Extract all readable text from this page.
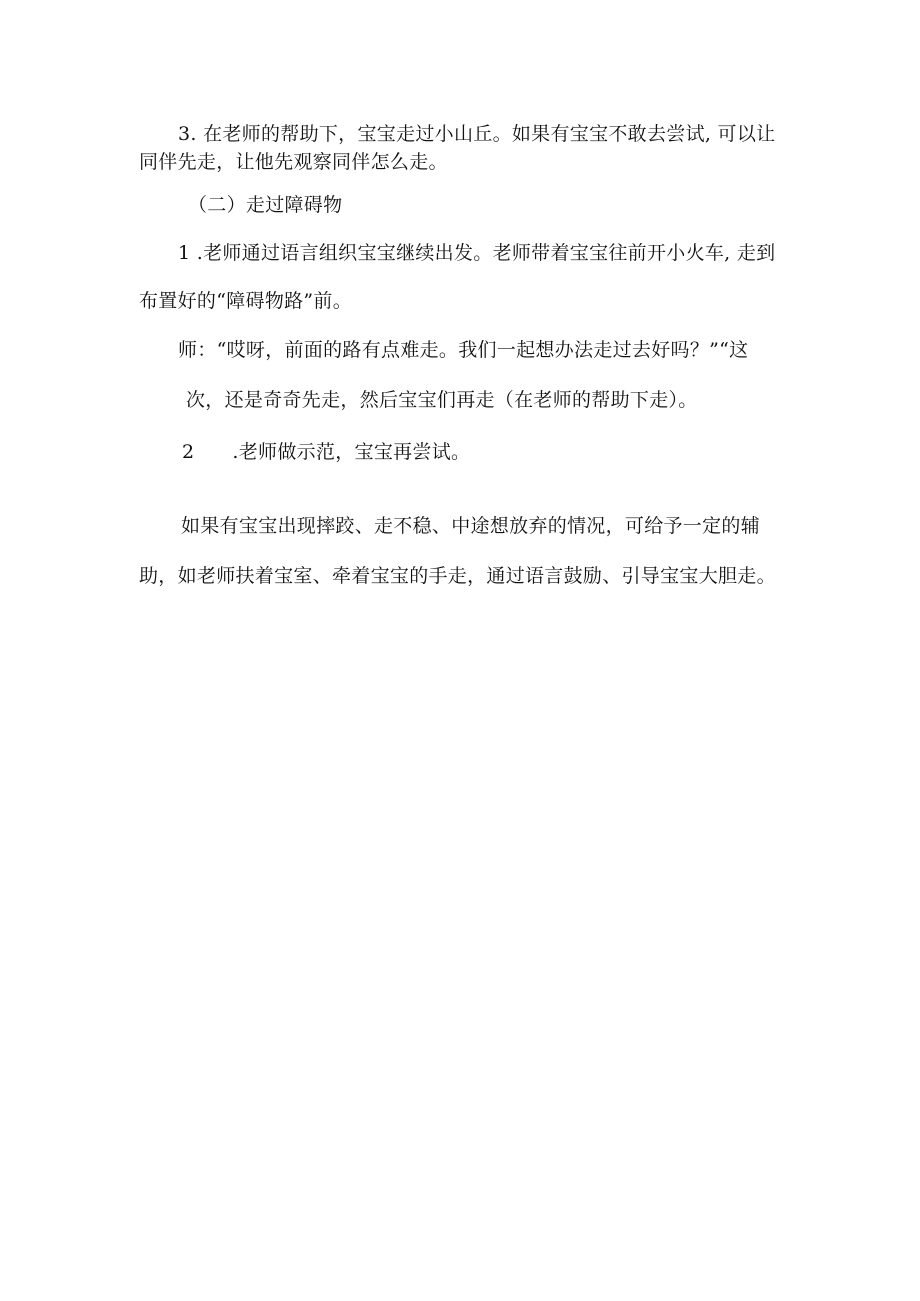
3. 在老师的帮助下，宝宝走过小山丘。如果有宝宝不敢去尝试, 可以让
同伴先走，让他先观察同伴怎么走。
（二）走过障碍物
1 .老师通过语言组织宝宝继续出发。老师带着宝宝往前开小火车, 走到
布置好的“障碍物路”前。
师：“哎呀，前面的路有点难走。我们一起想办法走过去好吗？”“这
次，还是奇奇先走，然后宝宝们再走（在老师的帮助下走）。
2 .老师做示范，宝宝再尝试。
如果有宝宝出现摔跤、走不稳、中途想放弃的情况，可给予一定的辅
助，如老师扶着宝室、牵着宝宝的手走，通过语言鼓励、引导宝宝大胆走。
